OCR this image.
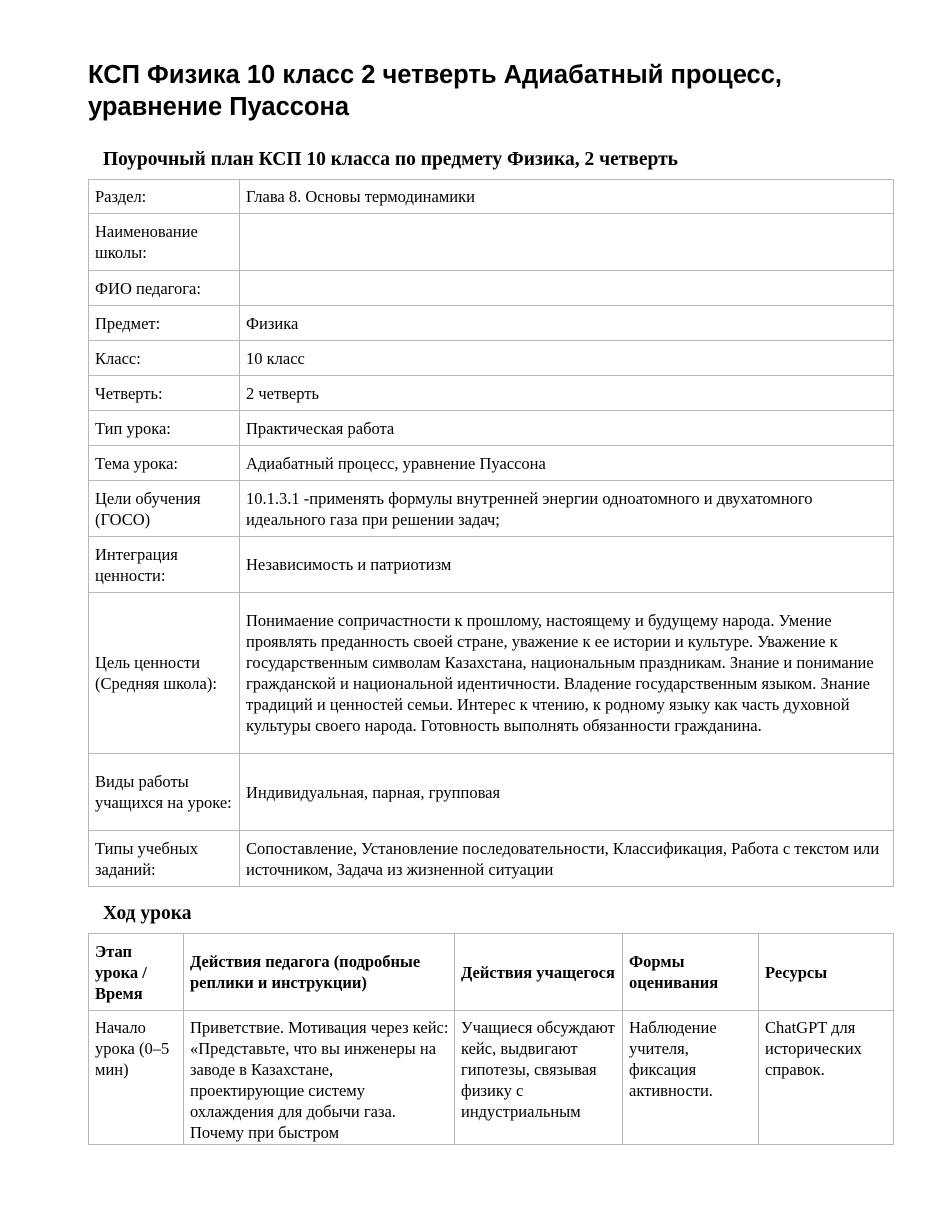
КСП Физика 10 класс 2 четверть Адиабатный процесс, уравнение Пуассона
Поурочный план КСП 10 класса по предмету Физика, 2 четверть
Раздел:	Глава 8. Основы термодинамики
Наименование школы:	
ФИО педагога:	
Предмет:	Физика
Класс:	10 класс
Четверть:	2 четверть
Тип урока:	Практическая работа
Тема урока:	Адиабатный процесс, уравнение Пуассона
Цели обучения (ГОСО)	10.1.3.1 -применять формулы внутренней энергии одноатомного и двухатомного идеального газа при решении задач;
Интеграция ценности:	Независимость и патриотизм
Цель ценности (Средняя школа):	Понимаение сопричастности к прошлому, настоящему и будущему народа. Умение проявлять преданность своей стране, уважение к ее истории и культуре. Уважение к государственным символам Казахстана, национальным праздникам. Знание и понимание гражданской и национальной идентичности. Владение государственным языком. Знание традиций и ценностей семьи. Интерес к чтению, к родному языку как часть духовной культуры своего народа. Готовность выполнять обязанности гражданина.
Виды работы учащихся на уроке:	Индивидуальная, парная, групповая
Типы учебных заданий:	Сопоставление, Установление последовательности, Классификация, Работа с текстом или источником, Задача из жизненной ситуации
Ход урока
Этап урока / Время	Действия педагога (подробные реплики и инструкции)	Действия учащегося	Формы оценивания	Ресурсы

Начало урока (0–5 мин)	Приветствие. Мотивация через кейс: «Представьте, что вы инженеры на заводе в Казахстане, проектирующие систему охлаждения для добычи газа. Почему при быстром	Учащиеся обсуждают кейс, выдвигают гипотезы, связывая физику с индустриальным	Наблюдение учителя, фиксация активности.	ChatGPT для исторических справок.
